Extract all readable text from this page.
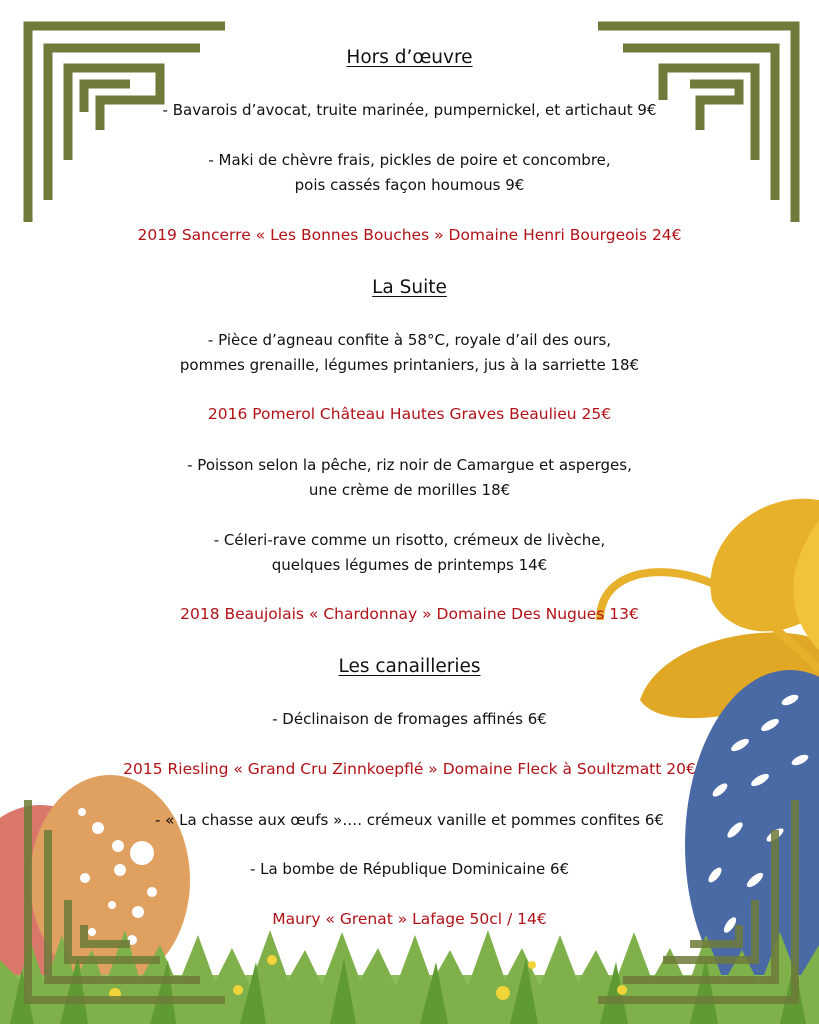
Hors d’œuvre
- Bavarois d’avocat, truite marinée, pumpernickel, et artichaut 9€
- Maki de chèvre frais, pickles de poire et concombre,
pois cassés façon houmous 9€
2019 Sancerre « Les Bonnes Bouches » Domaine Henri Bourgeois 24€
La Suite
- Pièce d’agneau confite à 58°C, royale d’ail des ours,
pommes grenaille, légumes printaniers, jus à la sarriette 18€
2016 Pomerol Château Hautes Graves Beaulieu 25€
- Poisson selon la pêche, riz noir de Camargue et asperges,
une crème de morilles 18€
- Céleri-rave comme un risotto, crémeux de livèche,
quelques légumes de printemps 14€
2018 Beaujolais « Chardonnay » Domaine Des Nugues 13€
Les canailleries
- Déclinaison de fromages affinés 6€
2015 Riesling « Grand Cru Zinnkoepflé » Domaine Fleck à Soultzmatt 20€
- « La chasse aux œufs »…. crémeux vanille et pommes confites 6€
- La bombe de République Dominicaine 6€
Maury « Grenat » Lafage 50cl / 14€
